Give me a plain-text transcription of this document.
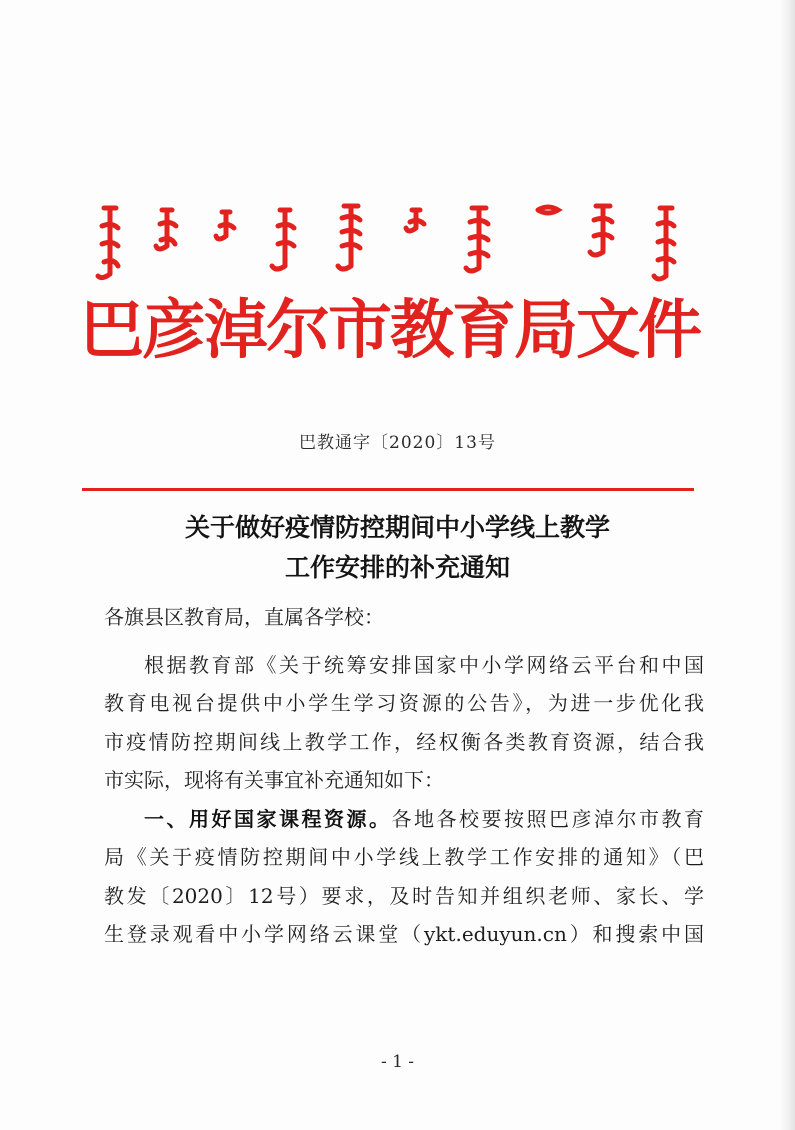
巴彦淖尔市教育局文件
巴教通字〔2020〕13号
关于做好疫情防控期间中小学线上教学
工作安排的补充通知
各旗县区教育局，直属各学校：
根据教育部《关于统筹安排国家中小学网络云平台和中国
教育电视台提供中小学生学习资源的公告》，为进一步优化我
市疫情防控期间线上教学工作，经权衡各类教育资源，结合我
市实际，现将有关事宜补充通知如下：
一、用好国家课程资源。各地各校要按照巴彦淖尔市教育
局《关于疫情防控期间中小学线上教学工作安排的通知》（巴
教发〔2020〕12号）要求，及时告知并组织老师、家长、学
生登录观看中小学网络云课堂（ykt.eduyun.cn）和搜索中国
- 1 -
